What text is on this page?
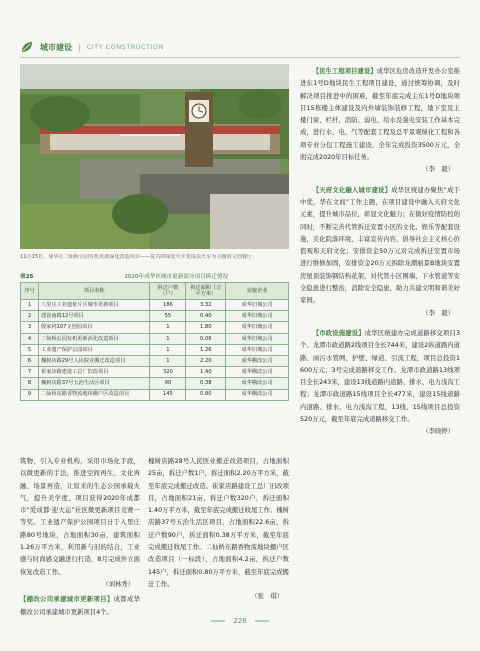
城市建设 | CITY CONSTRUCTION
11月15日，成华区二仙桥公园有机更新深化改造项目——复古的绿皮火车变成以火车为主题的文创餐厅
表25	2020年成华区城市更新部分项目拆迁情况
序号	项目名称	拆迁户数（户）	拆迁面积（万平方米）	实施企业
1	八里庄工业遗址片区城市更新项目	186	3.32	成华旧城公司
2	建设南路12号项目	55	0.40	成华旧城公司
3	殷家祠107文创园项目	1	1.80	成华旧城公司
4	二仙桥公园有机更新活化改造项目	1	0.06	成华旧城公司
5	工业遗产保护公园项目	1	1.26	成华旧城公司
6	槐树店路29号人民院业搬迁改造项目	1	2.20	成华棚改公司
7	崔家店路建设工总厂旧改项目	320	1.40	成华棚改公司
8	槐树店路37号五治生活区项目	90	0.38	成华棚改公司
9	二仙桥东路香物流地块棚户区改造项目	145	0.80	成华棚改公司

筑物，引入专业机构，采用市场化手段，以微更新的手法，推进空间再生、文化再融、场景再造，让原来的生态公园承载火气，提升美学度，项目获得2020年成都市“爱成都·迎大运”社区微更新项目竞赛一等奖。工业遗产保护公园项目日于入里庄路80号地块，占地面积30亩，建筑面积1.26万平方米，利用新与旧的结合，工业感与时尚感交融进行打造，8月完成外立面恢复改造工作。

（刘林秀）

【棚改公司承建城市更新项目】成都成华棚改公司承建城市更新项目4个。

槐树店路28号人民医业搬迁改造项目，占地面积25亩，拆迁户数1户，拆迁面积2.20万平方米，截至年底完成搬迁改造。崔家店路建设工总厂旧改项目，占地面积21亩，拆迁户数320户，拆迁面积1.40万平方米，截至年底完成搬迁收尾工作。槐树店路37号五治生活区项目，占地面积22.6亩，拆迁户数90户，拆迁面积0.38万平方米，截至年底完成搬迁收尾工作。二仙桥东路香物流地块棚户区改造项目（一标段），占地面积4.2亩，拆迁户数145户，拆迁面积0.80万平方米，截至年底完成搬迁工作。

（张　琪）

【民生工程项目建设】成华区危房改造开发办公室推进东1号D地块民生工程项目建设，通过统筹协调，及时解决项目推进中的困难，截至年底完成主东1号D地块项目15栋楼主体建设及内外墙装饰装修工程，地下室及主楼门窗、栏杆、消防、弱电、给水及强电安装工作基本完成，进行水、电、气等配套工程及总平景观绿化工程和各项专业分包工程施工建设，全年完成投资3500万元，全面完成2020年目标任务。

（李　毅）

【天府文化融入城市建设】成华区统建办聚焦“成于中优，华在文商”工作主题，在项目建设中融入天府文化元素，提升城市品位，彰显文化魅力；在做好疫情防控的同时，不断完善代管拆迁安置小区的文化、娱乐等配套设施，美化院落环境，丰富宣传内容，倡导社会主义核心价值观和天府文化；安排资金50万元对完成拆迁安置市场进行维修加固，安排资金20万元拆除龙潮丽景B地块安置房屋顶装饰钢结构花架，对代管小区围墙、下水管道等安全隐患进行整治，消除安全隐患，助力共建文明和谐美好家园。

（李　毅）

【市政设施建设】成华区统建办完成道路移交项目3个。龙潭市政道路2线项目全长744米，建设2纵道路内道路、雨污水管网、护壁、绿道、引流工程，项目总投资1 600万元；3号完成道路移交工作。龙潭市政道路13线项目全长243米，建设13线道路内道路、排水、电力浅沟工程；龙潭市政道路15线项目全长477米，建设15线道路内道路、排水、电力浅沟工程，13线、15线项目总投资520万元，截至年底完成道路移交工作。

（李晓婷）
226
